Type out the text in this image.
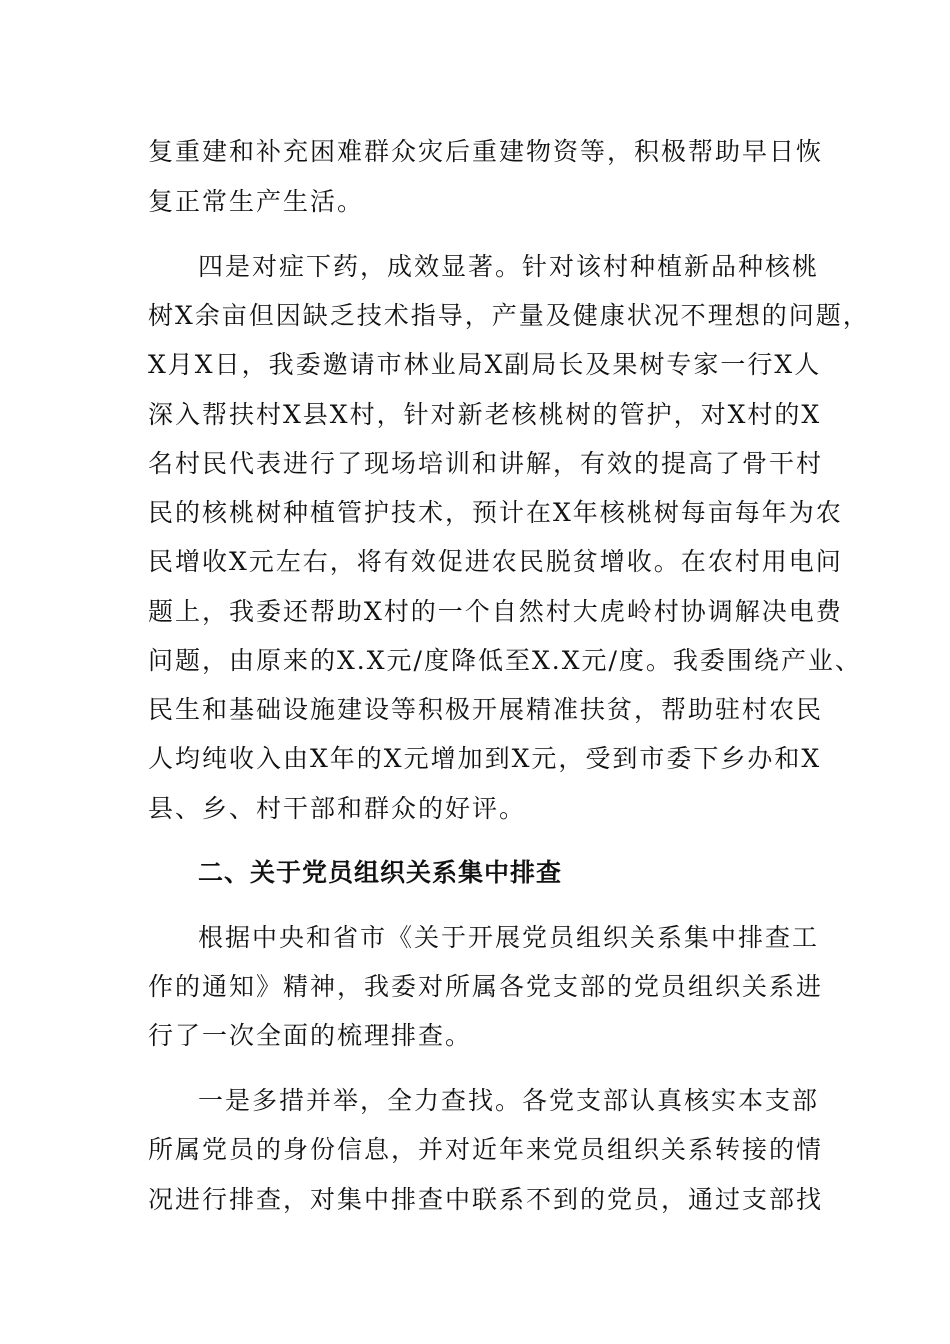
复重建和补充困难群众灾后重建物资等，积极帮助早日恢
复正常生产生活。
四是对症下药，成效显著。针对该村种植新品种核桃
树X余亩但因缺乏技术指导，产量及健康状况不理想的问题，
X月X日，我委邀请市林业局X副局长及果树专家一行X人
深入帮扶村X县X村，针对新老核桃树的管护，对X村的X
名村民代表进行了现场培训和讲解，有效的提高了骨干村
民的核桃树种植管护技术，预计在X年核桃树每亩每年为农
民增收X元左右，将有效促进农民脱贫增收。在农村用电问
题上，我委还帮助X村的一个自然村大虎岭村协调解决电费
问题，由原来的X.X元/度降低至X.X元/度。我委围绕产业、
民生和基础设施建设等积极开展精准扶贫，帮助驻村农民
人均纯收入由X年的X元增加到X元，受到市委下乡办和X
县、乡、村干部和群众的好评。
二、关于党员组织关系集中排查
根据中央和省市《关于开展党员组织关系集中排查工
作的通知》精神，我委对所属各党支部的党员组织关系进
行了一次全面的梳理排查。
一是多措并举，全力查找。各党支部认真核实本支部
所属党员的身份信息，并对近年来党员组织关系转接的情
况进行排查，对集中排查中联系不到的党员，通过支部找
